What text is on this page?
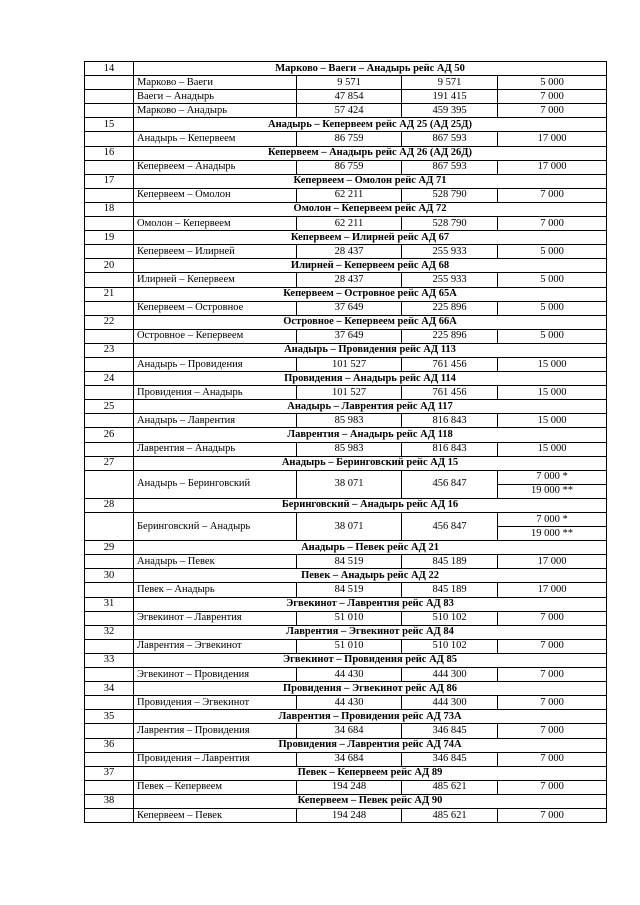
14	Марково – Ваеги – Анадырь рейс АД 50			
	Марково – Ваеги	9 571	9 571	5 000
	Ваеги – Анадырь	47 854	191 415	7 000
	Марково – Анадырь	57 424	459 395	7 000
15	Анадырь – Кепервеем рейс АД 25 (АД 25Д)			
	Анадырь – Кепервеем	86 759	867 593	17 000
16	Кепервеем – Анадырь рейс АД 26 (АД 26Д)			
	Кепервеем – Анадырь	86 759	867 593	17 000
17	Кепервеем – Омолон рейс АД 71			
	Кепервеем – Омолон	62 211	528 790	7 000
18	Омолон – Кепервеем рейс АД 72			
	Омолон – Кепервеем	62 211	528 790	7 000
19	Кепервеем – Илирней рейс АД 67			
	Кепервеем – Илирней	28 437	255 933	5 000
20	Илирней – Кепервеем рейс АД 68			
	Илирней – Кепервеем	28 437	255 933	5 000
21	Кепервеем – Островное рейс АД 65А			
	Кепервеем – Островное	37 649	225 896	5 000
22	Островное – Кепервеем рейс АД 66А			
	Островное – Кепервеем	37 649	225 896	5 000
23	Анадырь – Провидения рейс АД 113			
	Анадырь – Провидения	101 527	761 456	15 000
24	Провидения – Анадырь рейс АД 114			
	Провидения – Анадырь	101 527	761 456	15 000
25	Анадырь – Лаврентия рейс АД 117			
	Анадырь – Лаврентия	85 983	816 843	15 000
26	Лаврентия – Анадырь рейс АД 118			
	Лаврентия – Анадырь	85 983	816 843	15 000
27	Анадырь – Беринговский рейс АД 15			
	Анадырь – Беринговский	38 071	456 847	7 000 *
				19 000 **
28	Беринговский – Анадырь рейс АД 16			
	Беринговский – Анадырь	38 071	456 847	7 000 *
				19 000 **
29	Анадырь – Певек рейс АД 21			
	Анадырь – Певек	84 519	845 189	17 000
30	Певек – Анадырь рейс АД 22			
	Певек – Анадырь	84 519	845 189	17 000
31	Эгвекинот – Лаврентия рейс АД 83			
	Эгвекинот – Лаврентия	51 010	510 102	7 000
32	Лаврентия – Эгвекинот рейс АД 84			
	Лаврентия – Эгвекинот	51 010	510 102	7 000
33	Эгвекинот – Провидения рейс АД 85			
	Эгвекинот – Провидения	44 430	444 300	7 000
34	Провидения – Эгвекинот рейс АД 86			
	Провидения – Эгвекинот	44 430	444 300	7 000
35	Лаврентия – Провидения рейс АД 73А			
	Лаврентия – Провидения	34 684	346 845	7 000
36	Провидения – Лаврентия рейс АД 74А			
	Провидения – Лаврентия	34 684	346 845	7 000
37	Певек – Кепервеем рейс АД 89			
	Певек – Кепервеем	194 248	485 621	7 000
38	Кепервеем – Певек рейс АД 90			
	Кепервеем – Певек	194 248	485 621	7 000
